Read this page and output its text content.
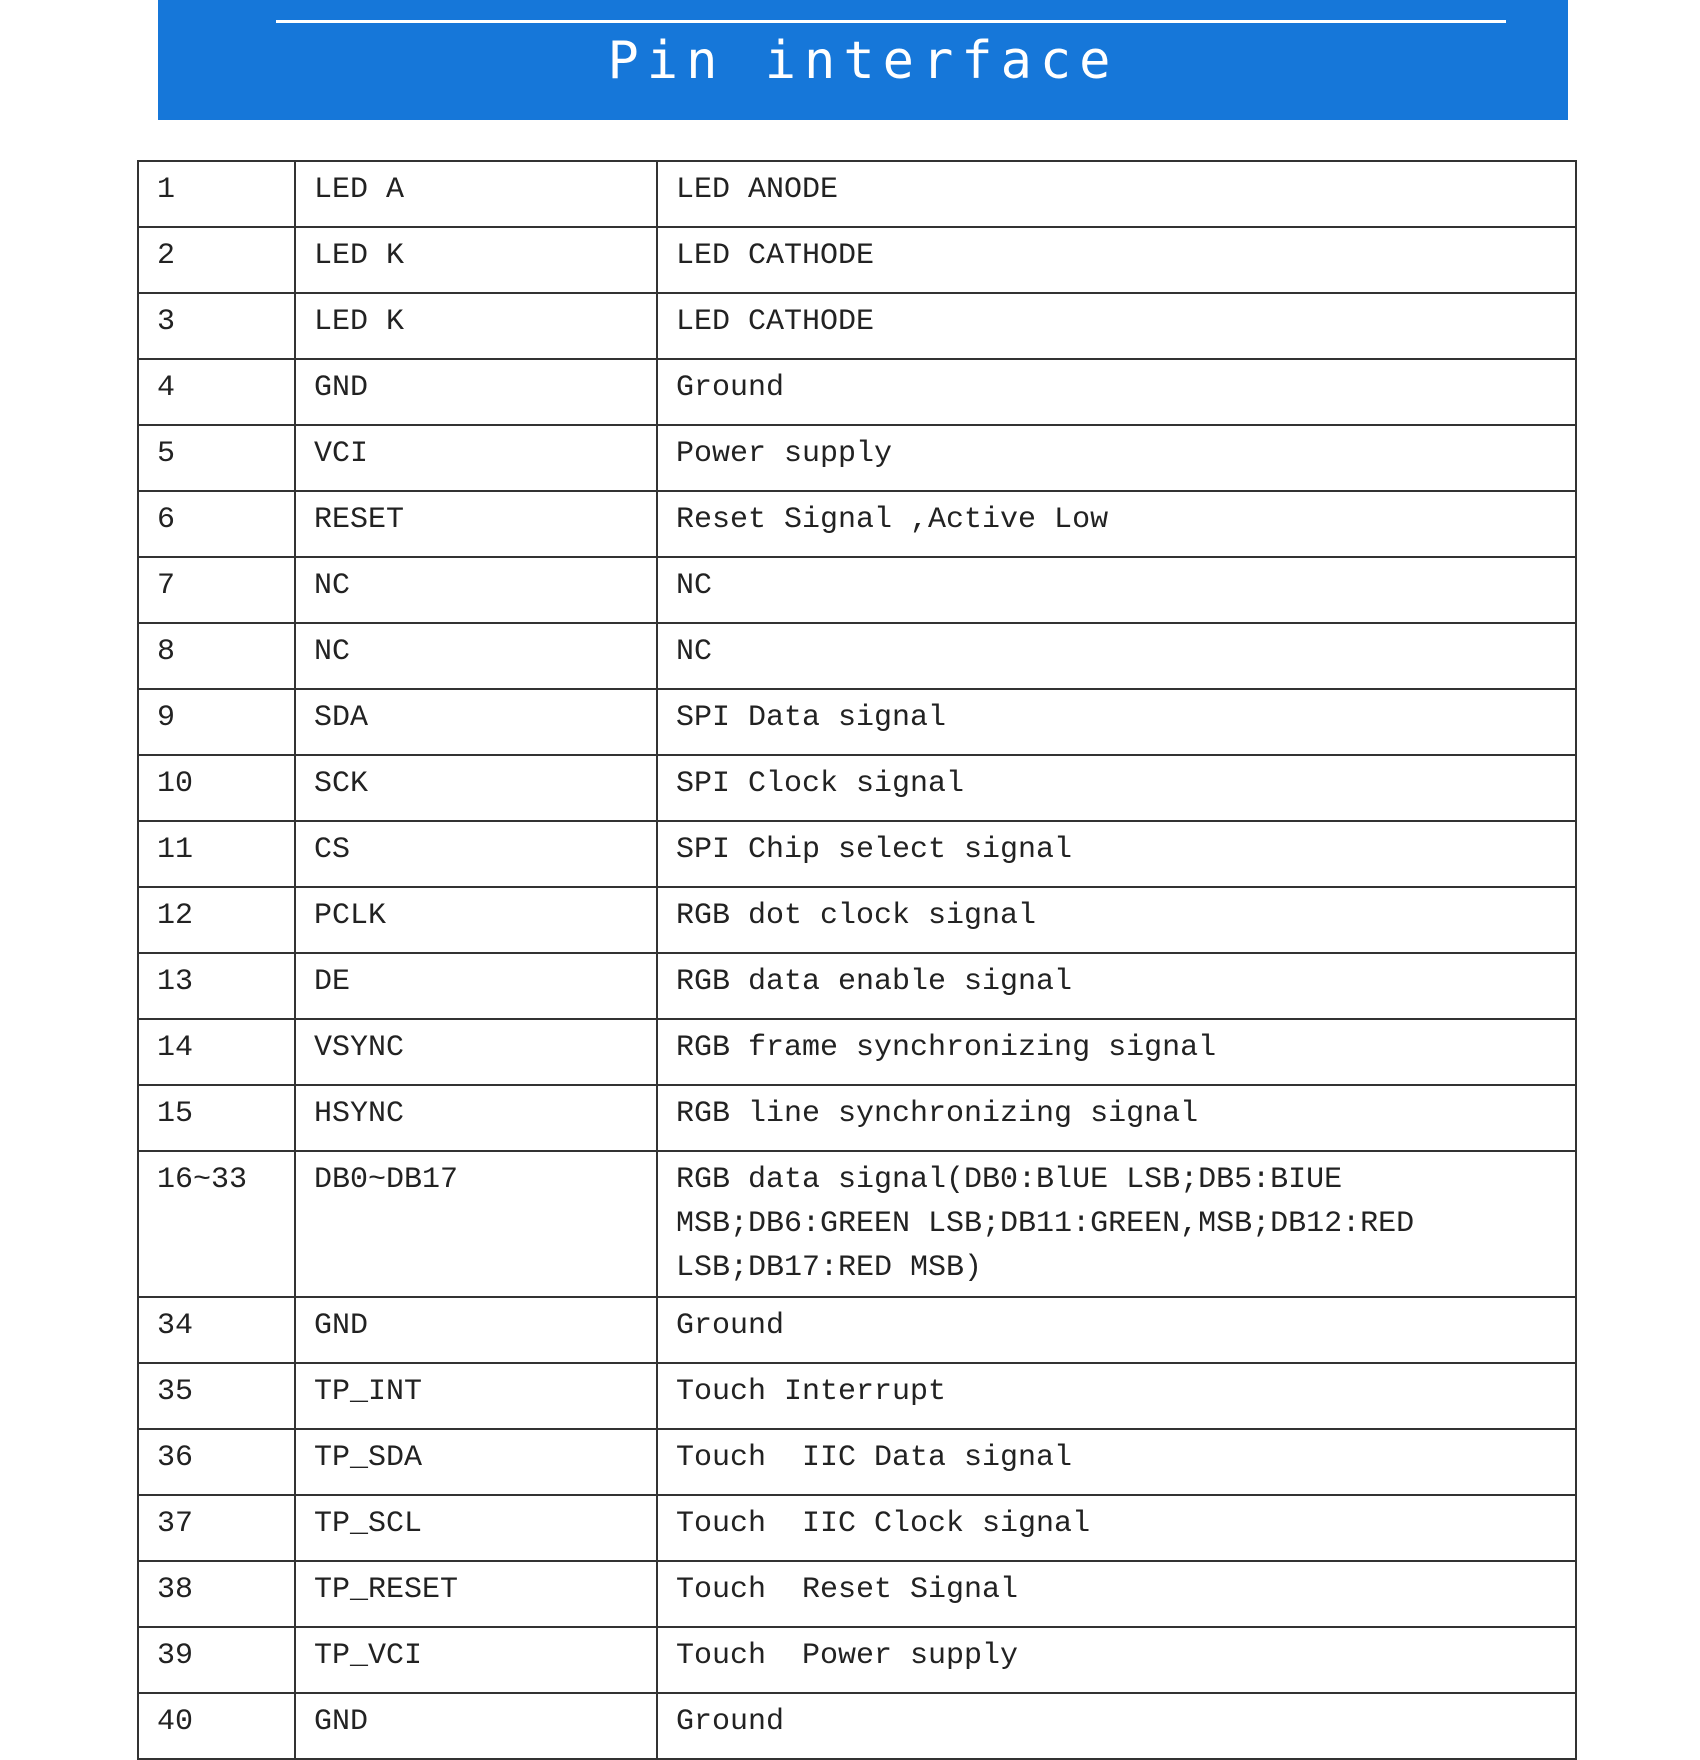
Pin interface
1	LED A	LED ANODE
2	LED K	LED CATHODE
3	LED K	LED CATHODE
4	GND	Ground
5	VCI	Power supply
6	RESET	Reset Signal ,Active Low
7	NC	NC
8	NC	NC
9	SDA	SPI Data signal
10	SCK	SPI Clock signal
11	CS	SPI Chip select signal
12	PCLK	RGB dot clock signal
13	DE	RGB data enable signal
14	VSYNC	RGB frame synchronizing signal
15	HSYNC	RGB line synchronizing signal
16~33	DB0~DB17	RGB data signal(DB0:BlUE LSB;DB5:BIUE MSB;DB6:GREEN LSB;DB11:GREEN,MSB;DB12:RED LSB;DB17:RED MSB)
34	GND	Ground
35	TP_INT	Touch Interrupt
36	TP_SDA	Touch  IIC Data signal
37	TP_SCL	Touch  IIC Clock signal
38	TP_RESET	Touch  Reset Signal
39	TP_VCI	Touch  Power supply
40	GND	Ground
